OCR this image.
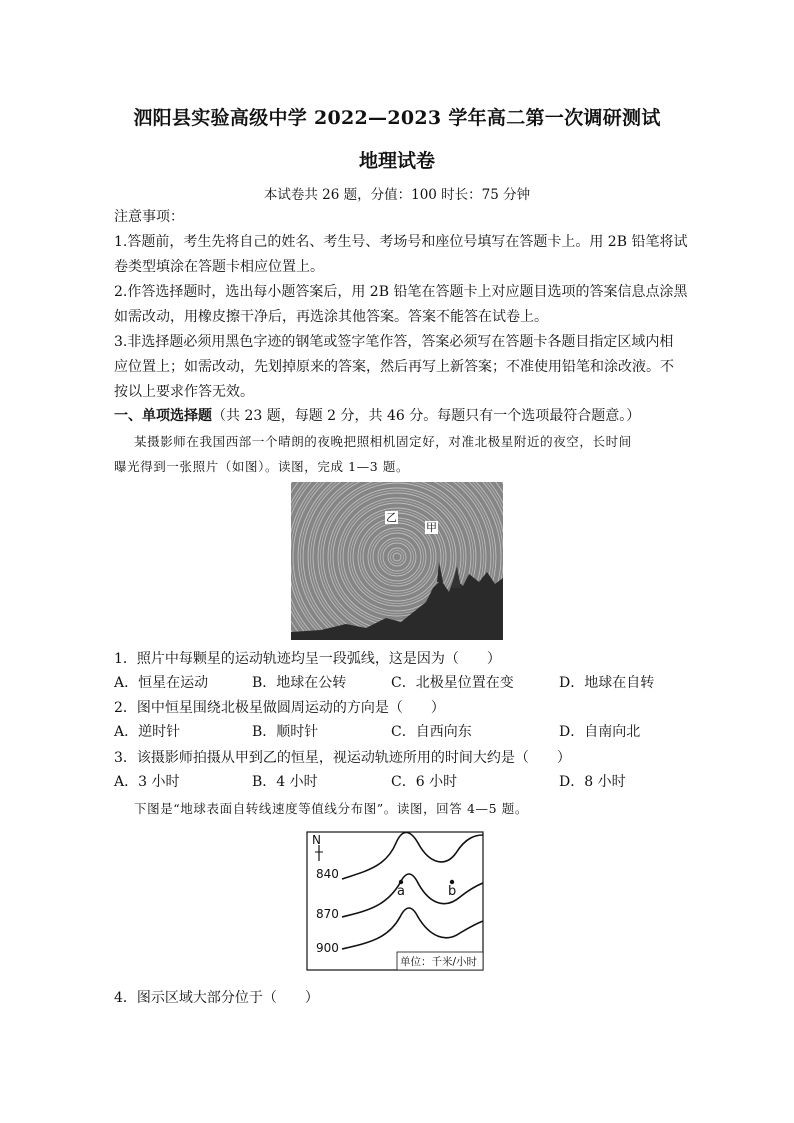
泗阳县实验高级中学 2022—2023 学年高二第一次调研测试
地理试卷
本试卷共 26 题，分值：100 时长：75 分钟
注意事项：
1.答题前，考生先将自己的姓名、考生号、考场号和座位号填写在答题卡上。用 2B 铅笔将试
卷类型填涂在答题卡相应位置上。
2.作答选择题时，选出每小题答案后，用 2B 铅笔在答题卡上对应题目选项的答案信息点涂黑
如需改动，用橡皮擦干净后，再选涂其他答案。答案不能答在试卷上。
3.非选择题必须用黑色字迹的钢笔或签字笔作答，答案必须写在答题卡各题目指定区域内相
应位置上；如需改动，先划掉原来的答案，然后再写上新答案；不准使用铅笔和涂改液。不
按以上要求作答无效。
一、单项选择题（共 23 题，每题 2 分，共 46 分。每题只有一个选项最符合题意。）
某摄影师在我国西部一个晴朗的夜晚把照相机固定好，对准北极星附近的夜空，长时间
曝光得到一张照片（如图）。读图，完成 1—3 题。
乙
甲
1．照片中每颗星的运动轨迹均呈一段弧线，这是因为（　　）
A．恒星在运动	B．地球在公转	C．北极星位置在变	D．地球在自转
2．图中恒星围绕北极星做圆周运动的方向是（　　）
A．逆时针	B．顺时针	C．自西向东	D．自南向北
3．该摄影师拍摄从甲到乙的恒星，视运动轨迹所用的时间大约是（　　）
A．3 小时	B．4 小时	C．6 小时	D．8 小时
下图是“地球表面自转线速度等值线分布图”。读图，回答 4—5 题。
N
840
870
900
a	b
单位：千米/小时
4．图示区域大部分位于（　　）
